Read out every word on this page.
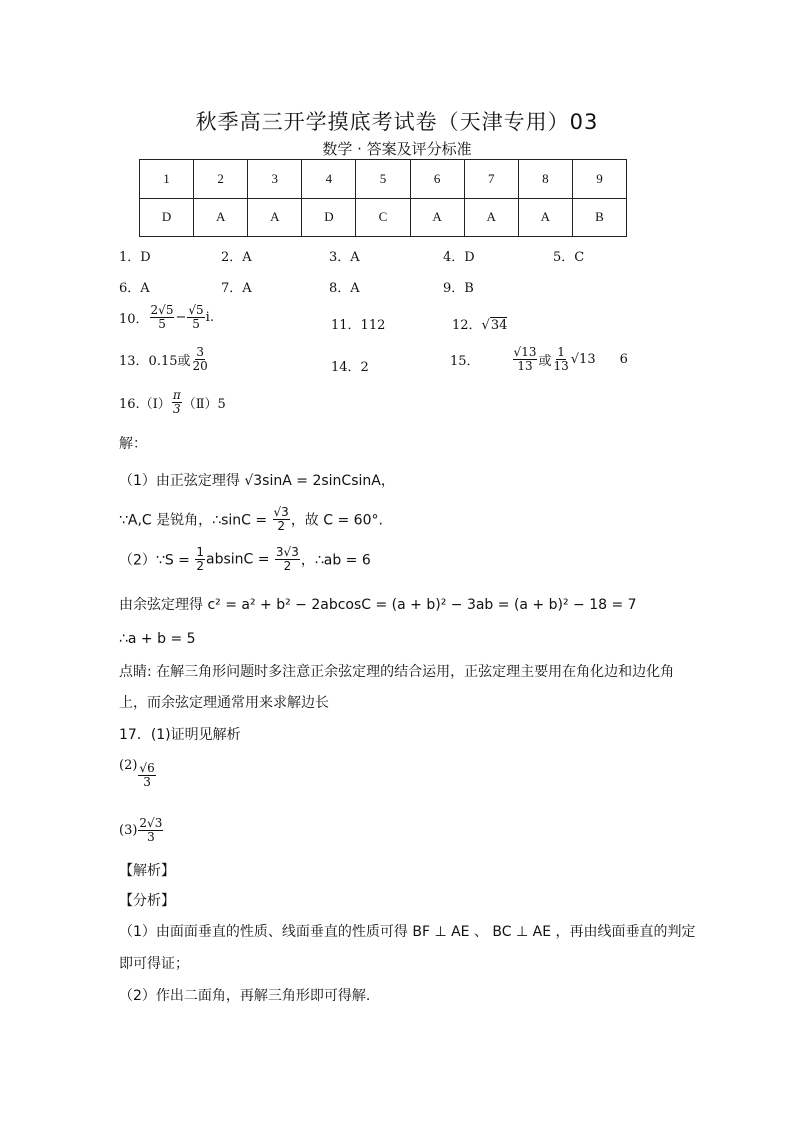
秋季高三开学摸底考试卷（天津专用）03
数学 · 答案及评分标准
1	2	3	4	5	6	7	8	9
D	A	A	D	C	A	A	A	B
1．D	2．A	3．A	4．D	5．C
6．A	7．A	8．A	9．B
10． $\frac{2√5}{5} - \frac{√5}{5} i$.
11．112	12．√34
13．0.15或 $\frac{3}{20}$	14．2	15．	$\frac{√13}{13}$ 或 $\frac{1}{13} √13$ 6
16.（Ⅰ） $\frac{\pi}{3}$ （Ⅱ）5
解：
（1）由正弦定理得 √3sinA = 2sinCsinA，
∵A,C 是锐角，∴sinC = $\frac{√3}{2}$ ，故 C = 60°.
（2）∵S = $\frac{1}{2}$ $absinC = \frac{3√3}{2}$ ，∴ab = 6
由余弦定理得 c² = a² + b² − 2abcosC = (a + b)² − 3ab = (a + b)² − 18 = 7
∴a + b = 5
点睛: 在解三角形问题时多注意正余弦定理的结合运用，正弦定理主要用在角化边和边化角
上，而余弦定理通常用来求解边长
17．(1)证明见解析
$(2) \frac{√6}{3}$
$(3) \frac{2√3}{3}$
【解析】
【分析】
（1）由面面垂直的性质、线面垂直的性质可得 BF ⊥ AE 、 BC ⊥ AE ，再由线面垂直的判定
即可得证；
（2）作出二面角，再解三角形即可得解.
